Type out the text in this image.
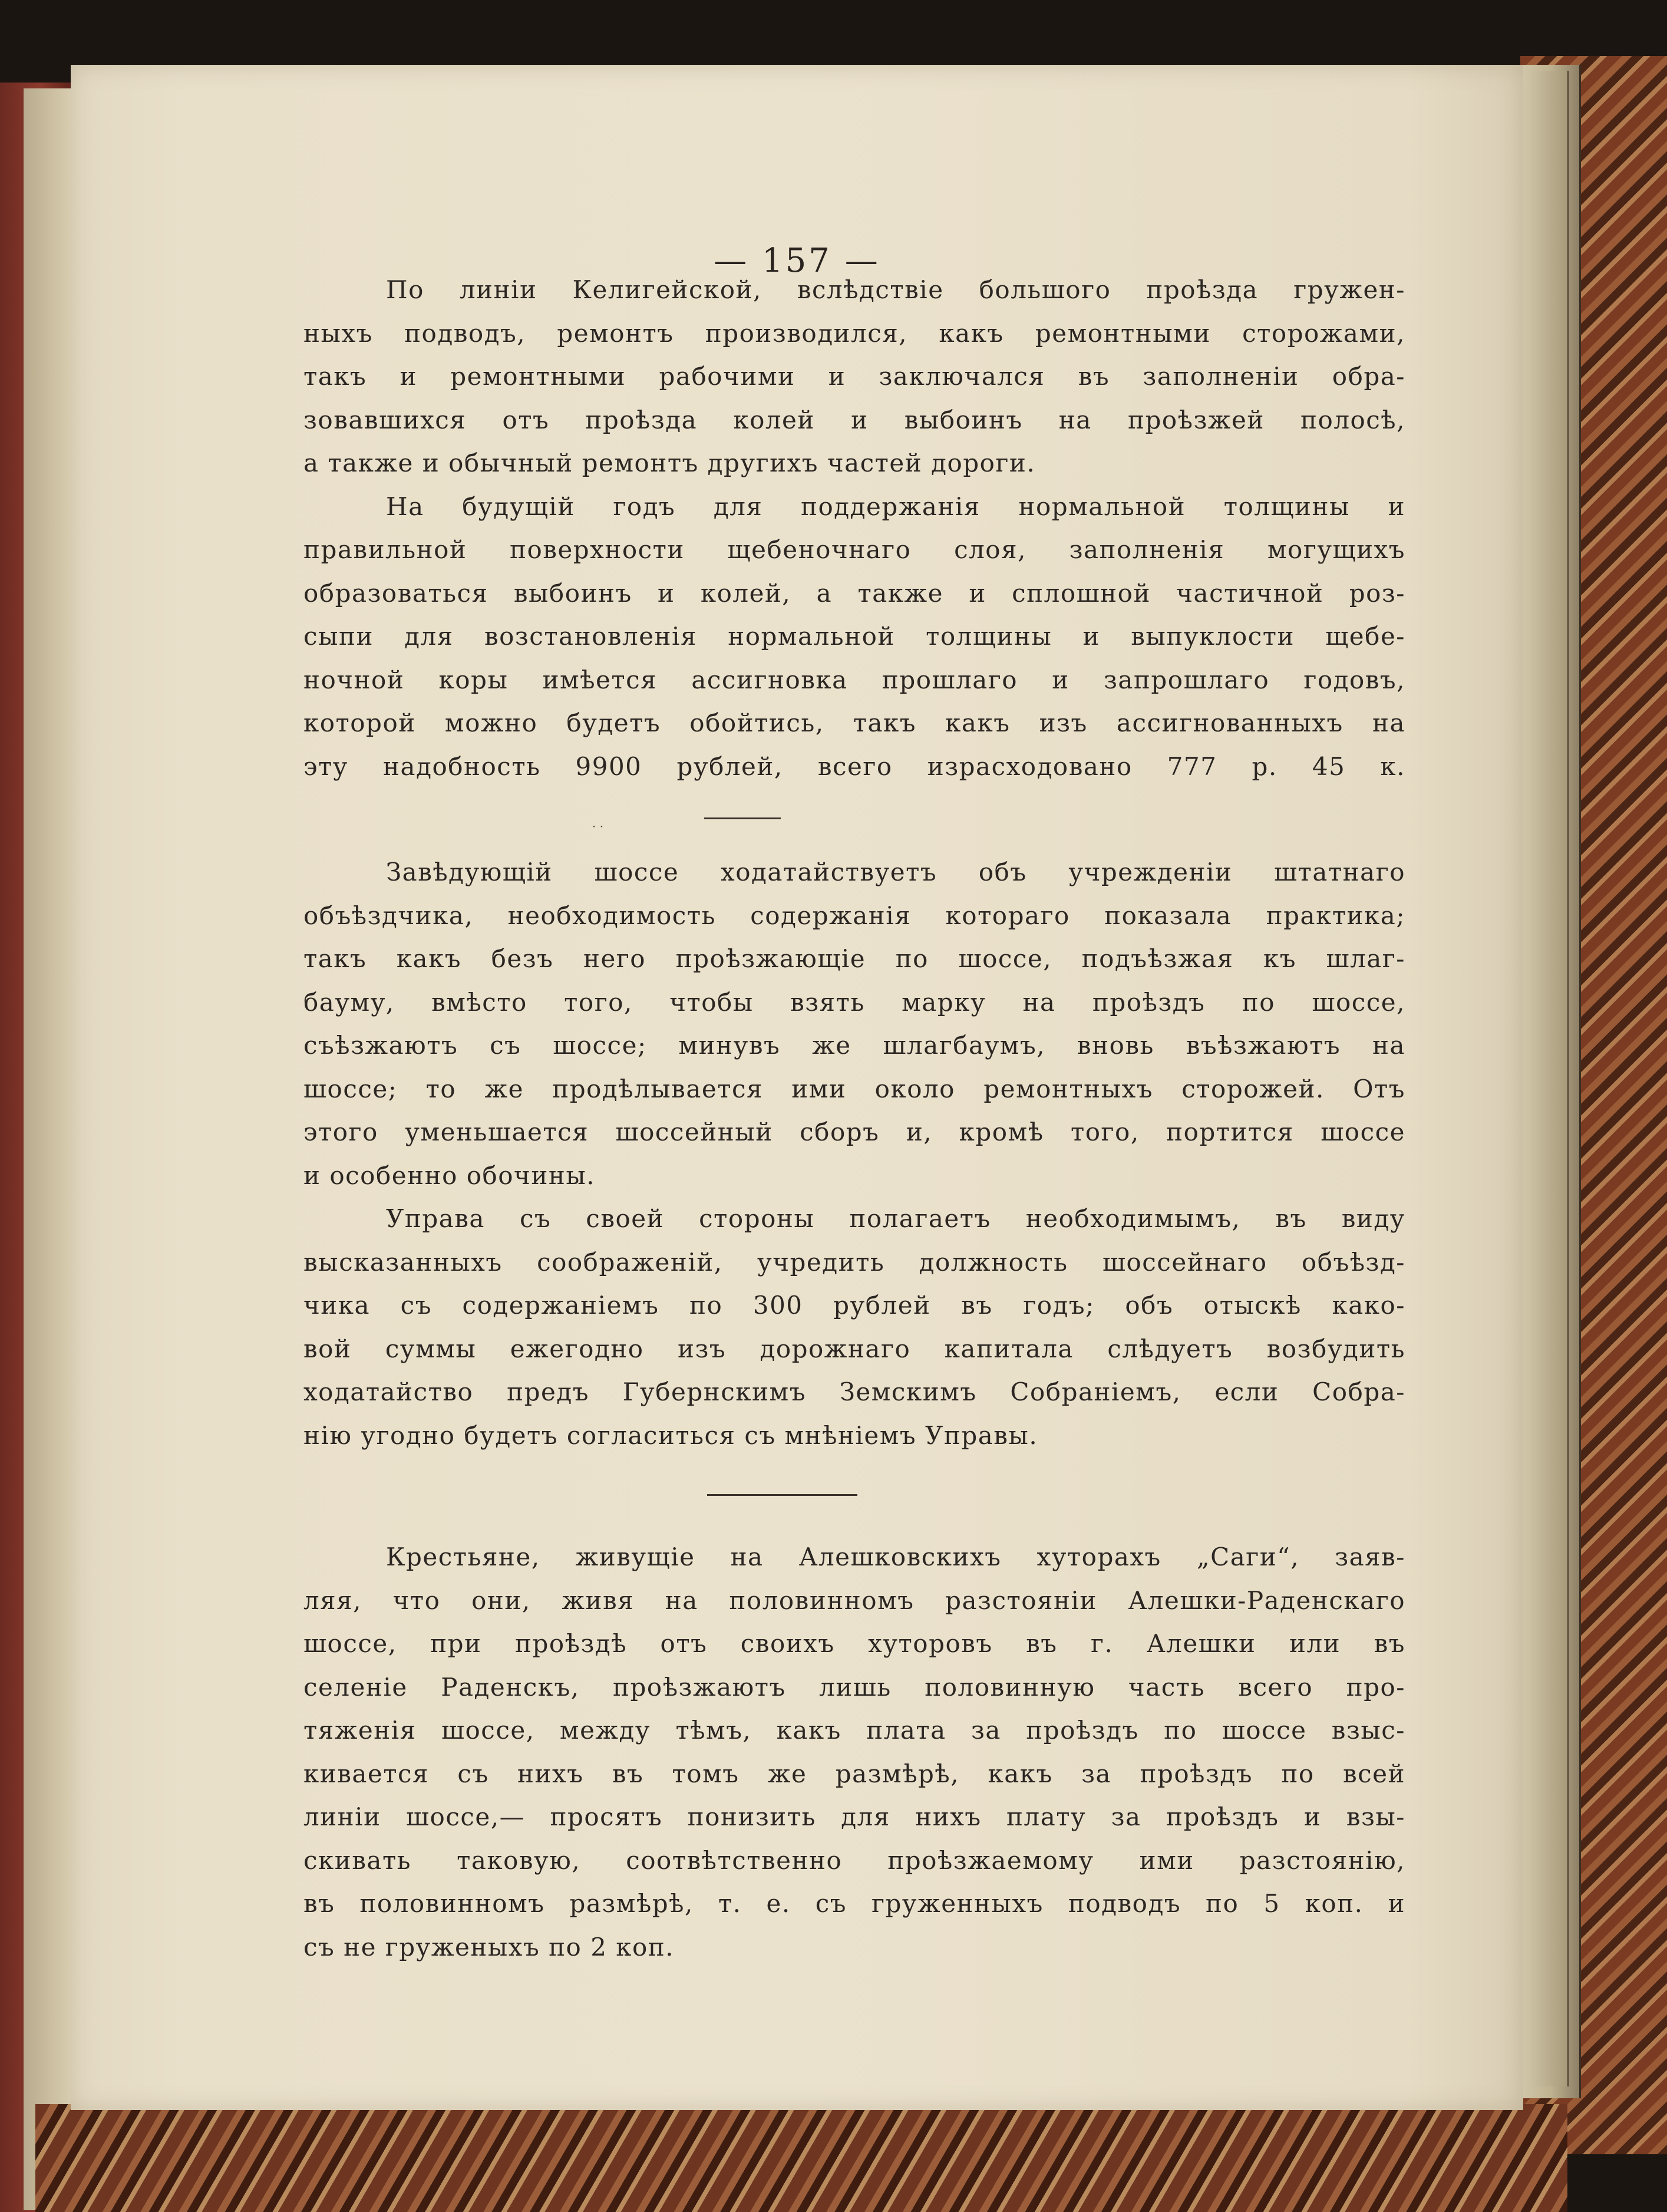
— 157 —
По линіи Келигейской, вслѣдствіе большого проѣзда гружен-
ныхъ подводъ, ремонтъ производился, какъ ремонтными сторожами,
такъ и ремонтными рабочими и заключался въ заполненіи обра-
зовавшихся отъ проѣзда колей и выбоинъ на проѣзжей полосѣ,
а также и обычный ремонтъ другихъ частей дороги.
На будущій годъ для поддержанія нормальной толщины и
правильной поверхности щебеночнаго слоя, заполненія могущихъ
образоваться выбоинъ и колей, а также и сплошной частичной роз-
сыпи для возстановленія нормальной толщины и выпуклости щебе-
ночной коры имѣется ассигновка прошлаго и запрошлаго годовъ,
которой можно будетъ обойтись, такъ какъ изъ ассигнованныхъ на
эту надобность 9900 рублей, всего израсходовано 777 р. 45 к.
· ·
Завѣдующій шоссе ходатайствуетъ объ учрежденіи штатнаго
объѣздчика, необходимость содержанія котораго показала практика;
такъ какъ безъ него проѣзжающіе по шоссе, подъѣзжая къ шлаг-
бауму, вмѣсто того, чтобы взять марку на проѣздъ по шоссе,
съѣзжаютъ съ шоссе; минувъ же шлагбаумъ, вновь въѣзжаютъ на
шоссе; то же продѣлывается ими около ремонтныхъ сторожей. Отъ
этого уменьшается шоссейный сборъ и, кромѣ того, портится шоссе
и особенно обочины.
Управа съ своей стороны полагаетъ необходимымъ, въ виду
высказанныхъ соображеній, учредить должность шоссейнаго объѣзд-
чика съ содержаніемъ по 300 рублей въ годъ; объ отыскѣ како-
вой суммы ежегодно изъ дорожнаго капитала слѣдуетъ возбудить
ходатайство предъ Губернскимъ Земскимъ Собраніемъ, если Собра-
нію угодно будетъ согласиться съ мнѣніемъ Управы.
Крестьяне, живущіе на Алешковскихъ хуторахъ „Саги“, заяв-
ляя, что они, живя на половинномъ разстояніи Алешки-Раденскаго
шоссе, при проѣздѣ отъ своихъ хуторовъ въ г. Алешки или въ
селеніе Раденскъ, проѣзжаютъ лишь половинную часть всего про-
тяженія шоссе, между тѣмъ, какъ плата за проѣздъ по шоссе взыс-
кивается съ нихъ въ томъ же размѣрѣ, какъ за проѣздъ по всей
линіи шоссе,— просятъ понизить для нихъ плату за проѣздъ и взы-
скивать таковую, соотвѣтственно проѣзжаемому ими разстоянію,
въ половинномъ размѣрѣ, т. е. съ груженныхъ подводъ по 5 коп. и
съ не груженыхъ по 2 коп.
